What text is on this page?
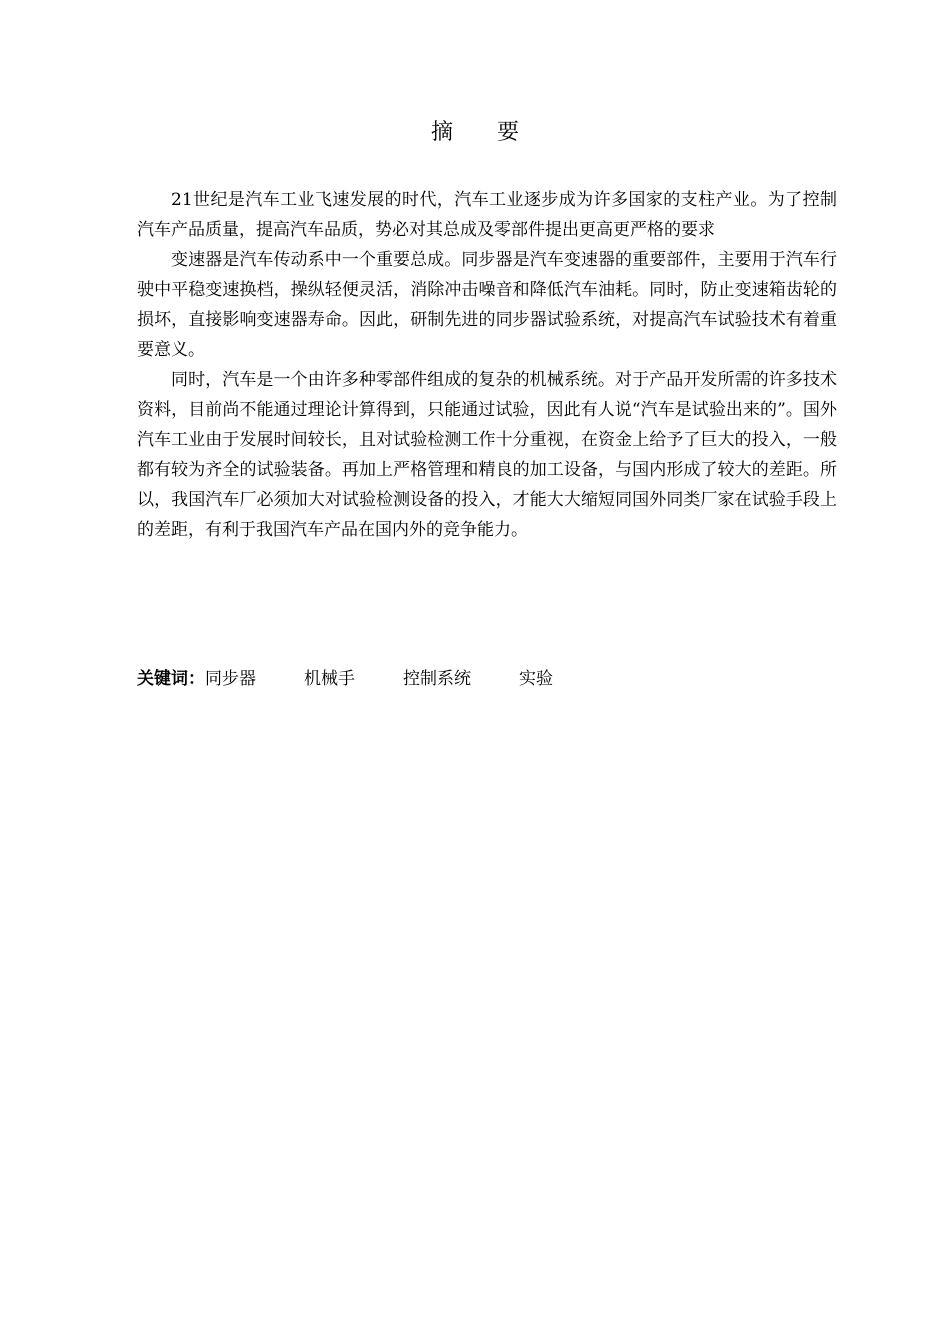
摘 要

21世纪是汽车工业飞速发展的时代，汽车工业逐步成为许多国家的支柱产业。为了控制汽车产品质量，提高汽车品质，势必对其总成及零部件提出更高更严格的要求

变速器是汽车传动系中一个重要总成。同步器是汽车变速器的重要部件，主要用于汽车行驶中平稳变速换档，操纵轻便灵活，消除冲击噪音和降低汽车油耗。同时，防止变速箱齿轮的损坏，直接影响变速器寿命。因此，研制先进的同步器试验系统，对提高汽车试验技术有着重要意义。

同时，汽车是一个由许多种零部件组成的复杂的机械系统。对于产品开发所需的许多技术资料，目前尚不能通过理论计算得到，只能通过试验，因此有人说“汽车是试验出来的”。国外汽车工业由于发展时间较长，且对试验检测工作十分重视，在资金上给予了巨大的投入，一般都有较为齐全的试验装备。再加上严格管理和精良的加工设备，与国内形成了较大的差距。所以，我国汽车厂必须加大对试验检测设备的投入，才能大大缩短同国外同类厂家在试验手段上的差距，有利于我国汽车产品在国内外的竞争能力。

关键词：同步器	机械手	控制系统	实验
